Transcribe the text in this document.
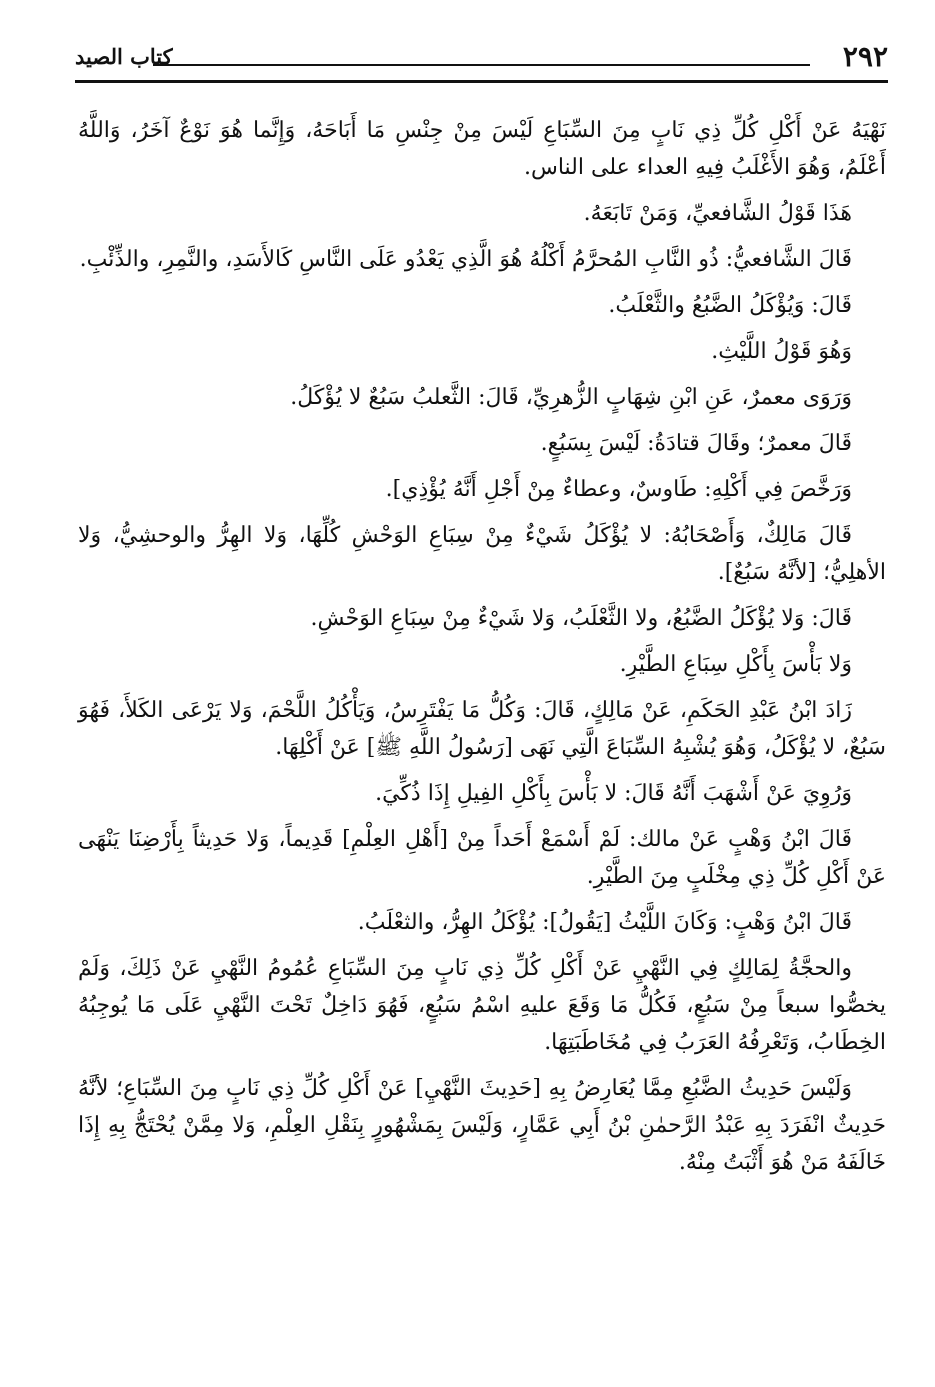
٢٩٢
كتاب الصيد

نَهْيَهُ عَنْ أَكْلِ كُلِّ ذِي نَابٍ مِنَ السِّبَاعِ لَيْسَ مِنْ جِنْسِ مَا أَبَاحَهُ، وَإِنَّما هُوَ نَوْعٌ آخَرُ، وَاللَّهُ أَعْلَمُ، وَهُوَ الأَغْلَبُ فِيهِ العداء على الناس.

هَذَا قَوْلُ الشَّافعيِّ، وَمَنْ تَابَعَهُ.

قَالَ الشَّافعيُّ: ذُو النَّابِ المُحرَّمُ أَكْلُهُ هُوَ الَّذِي يَعْدُو عَلَى النَّاسِ كَالأَسَدِ، والنَّمِرِ، والذِّئْبِ.

قَالَ: وَيُؤْكَلُ الضَّبُعُ والثَّعْلَبُ.

وَهُوَ قَوْلُ اللَّيْثِ.

وَرَوَى معمرٌ، عَنِ ابْنِ شِهَابٍ الزُّهرِيِّ، قَالَ: الثَّعلبُ سَبُعٌ لا يُؤْكَلُ.

قَالَ معمرٌ؛ وقَالَ قتادَةُ: لَيْسَ بِسَبُعٍ.

وَرَخَّصَ فِي أَكْلِهِ: طَاوسٌ، وعطاءٌ مِنْ أَجْلِ أَنَّهُ يُؤْذِي].

قَالَ مَالِكٌ، وَأَصْحَابُهُ: لا يُؤْكَلُ شَيْءٌ مِنْ سِبَاعِ الوَحْشِ كُلِّهَا، وَلا الهِرُّ والوحشِيُّ، وَلا الأهلِيُّ؛ [لأنَّهُ سَبُعٌ].

قَالَ: وَلا يُؤْكَلُ الضَّبُعُ، ولا الثَّعْلَبُ، وَلا شَيْءٌ مِنْ سِبَاعِ الوَحْشِ.

وَلا بَأْسَ بِأَكْلِ سِبَاعِ الطَّيْرِ.

زَادَ ابْنُ عَبْدِ الحَكَمِ، عَنْ مَالِكٍ، قَالَ: وَكُلُّ مَا يَفْتَرِسُ، وَيَأْكُلُ اللَّحْمَ، وَلا يَرْعَى الكَلأَ، فَهُوَ سَبُعٌ، لا يُؤْكَلُ، وَهُوَ يُشْبِهُ السِّبَاعَ الَّتِي نَهَى [رَسُولُ اللَّهِ ﷺ] عَنْ أَكْلِهَا.

وَرُوِيَ عَنْ أَشْهَبَ أَنَّهُ قَالَ: لا بَأْسَ بِأَكْلِ الفِيلِ إِذَا ذُكِّيَ.

قَالَ ابْنُ وَهْبٍ عَنْ مالك: لَمْ أَسْمَعْ أَحَداً مِنْ [أَهْلِ العِلْمِ] قَدِيماً، وَلا حَدِيثاً بِأَرْضِنَا يَنْهَى عَنْ أَكْلِ كُلِّ ذِي مِخْلَبٍ مِنَ الطَّيْرِ.

قَالَ ابْنُ وَهْبٍ: وَكَانَ اللَّيْثُ [يَقُولُ]: يُؤْكَلُ الهِرُّ، والثعْلَبُ.

والحجَّةُ لِمَالِكٍ فِي النَّهْيِ عَنْ أَكْلِ كُلِّ ذِي نَابٍ مِنَ السِّبَاعِ عُمُومُ النَّهْيِ عَنْ ذَلِكَ، وَلَمْ يخصُّوا سبعاً مِنْ سَبُعٍ، فَكُلُّ مَا وَقَعَ عليهِ اسْمُ سَبُعٍ، فَهُوَ دَاخِلٌ تَحْتَ النَّهْيِ عَلَى مَا يُوجِبُهُ الخِطَابُ، وَتَعْرِفُهُ العَرَبُ فِي مُخَاطَبَتِهَا.

وَلَيْسَ حَدِيثُ الضَّبُعِ مِمَّا يُعَارِضُ بِهِ [حَدِيثَ النَّهْيِ] عَنْ أَكْلِ كُلِّ ذِي نَابٍ مِنَ السِّبَاعِ؛ لأنَّهُ حَدِيثٌ انْفَرَدَ بِهِ عَبْدُ الرَّحمٰنِ بْنُ أَبِي عَمَّارٍ، وَلَيْسَ بِمَشْهُورٍ بِنَقْلِ العِلْمِ، وَلا مِمَّنْ يُحْتَجُّ بِهِ إِذَا خَالَفَهُ مَنْ هُوَ أَثْبَتُ مِنْهُ.
